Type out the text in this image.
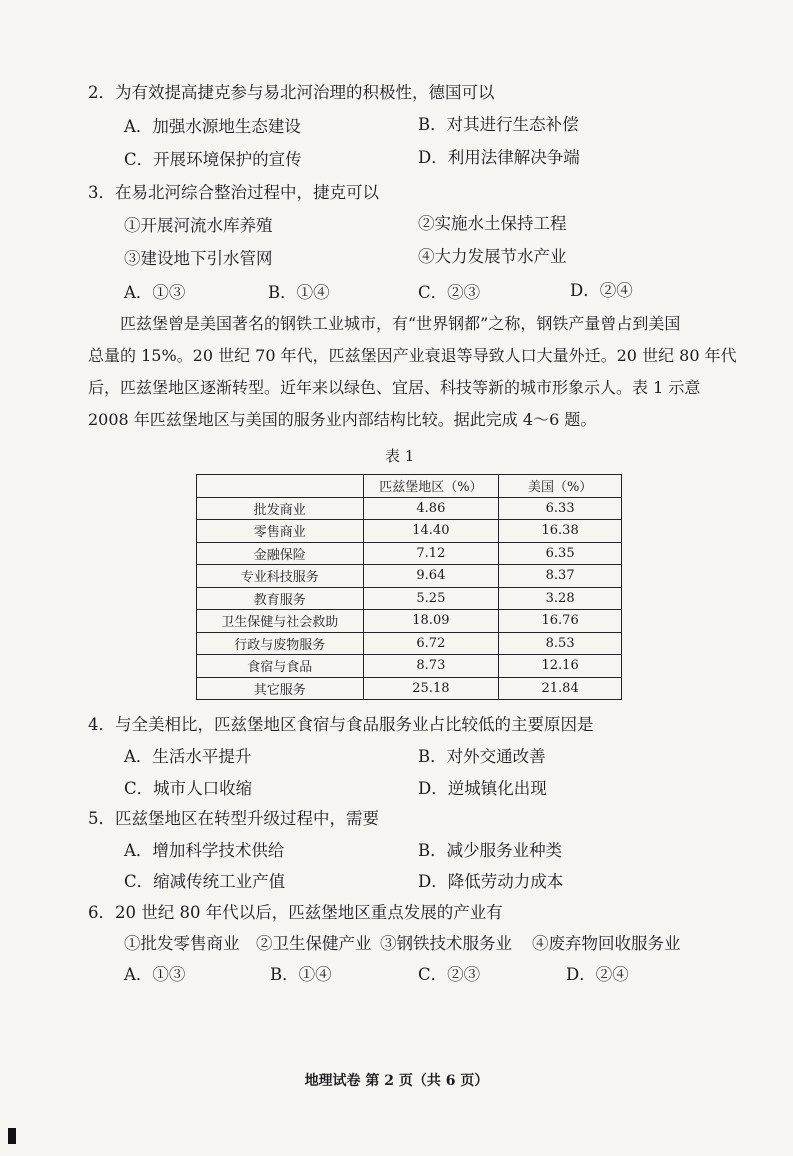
2．为有效提高捷克参与易北河治理的积极性，德国可以
A．加强水源地生态建设	B．对其进行生态补偿
C．开展环境保护的宣传	D．利用法律解决争端
3．在易北河综合整治过程中，捷克可以
①开展河流水库养殖	②实施水土保持工程
③建设地下引水管网	④大力发展节水产业
A．①③	B．①④	C．②③	D．②④
匹兹堡曾是美国著名的钢铁工业城市，有“世界钢都”之称，钢铁产量曾占到美国
总量的 15%。20 世纪 70 年代，匹兹堡因产业衰退等导致人口大量外迁。20 世纪 80 年代
后，匹兹堡地区逐渐转型。近年来以绿色、宜居、科技等新的城市形象示人。表 1 示意
2008 年匹兹堡地区与美国的服务业内部结构比较。据此完成 4～6 题。
表 1
	匹兹堡地区（%）	美国（%）
批发商业	4.86	6.33
零售商业	14.40	16.38
金融保险	7.12	6.35
专业科技服务	9.64	8.37
教育服务	5.25	3.28
卫生保健与社会救助	18.09	16.76
行政与废物服务	6.72	8.53
食宿与食品	8.73	12.16
其它服务	25.18	21.84
4．与全美相比，匹兹堡地区食宿与食品服务业占比较低的主要原因是
A．生活水平提升	B．对外交通改善
C．城市人口收缩	D．逆城镇化出现
5．匹兹堡地区在转型升级过程中，需要
A．增加科学技术供给	B．减少服务业种类
C．缩减传统工业产值	D．降低劳动力成本
6．20 世纪 80 年代以后，匹兹堡地区重点发展的产业有
①批发零售商业 ②卫生保健产业 ③钢铁技术服务业 ④废弃物回收服务业
A．①③	B．①④	C．②③	D．②④
地理试卷 第 2 页（共 6 页）
